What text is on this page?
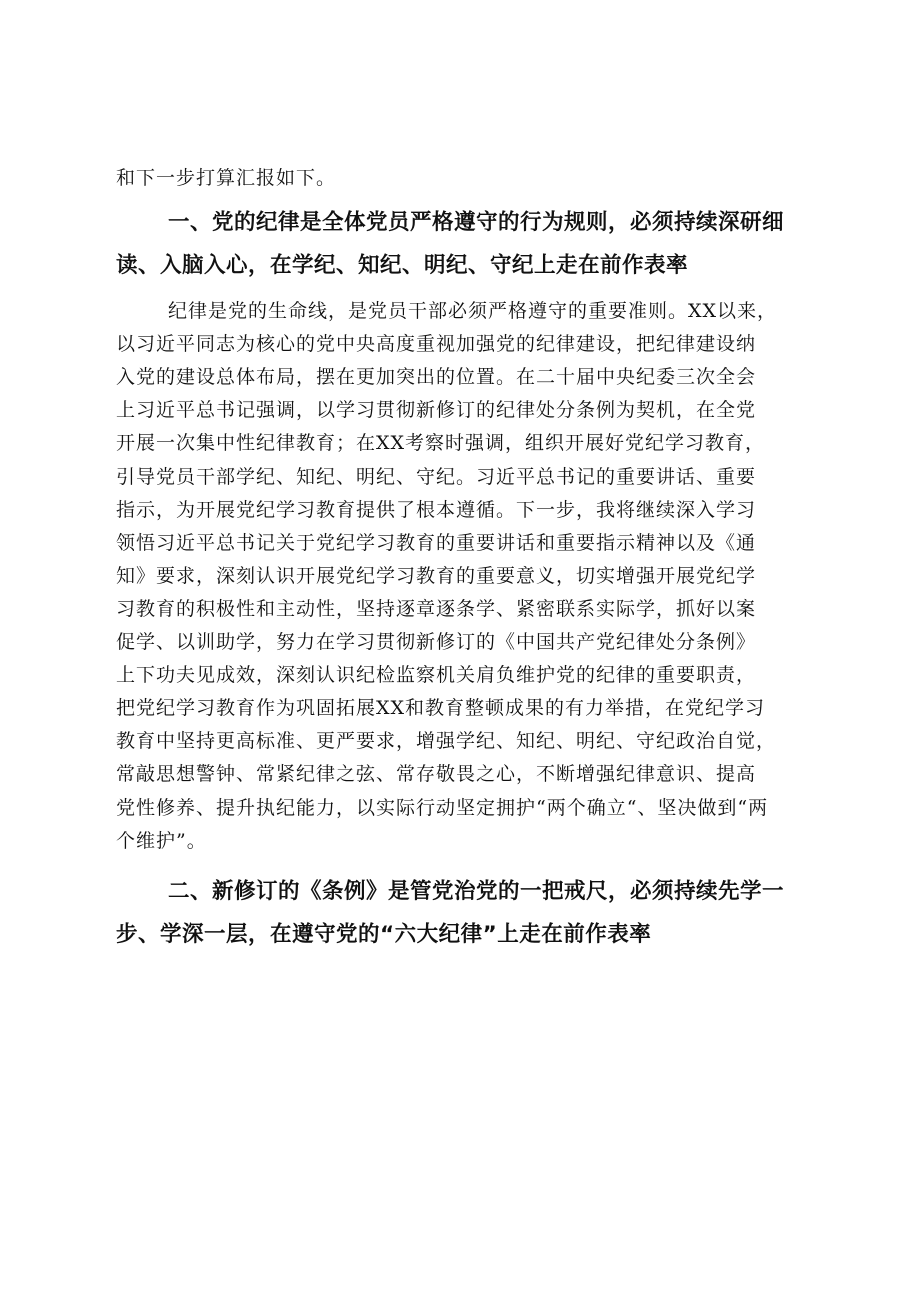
和下一步打算汇报如下。
一、党的纪律是全体党员严格遵守的行为规则，必须持续深研细
读、入脑入心，在学纪、知纪、明纪、守纪上走在前作表率
纪律是党的生命线，是党员干部必须严格遵守的重要准则。XX以来，
以习近平同志为核心的党中央高度重视加强党的纪律建设，把纪律建设纳
入党的建设总体布局，摆在更加突出的位置。在二十届中央纪委三次全会
上习近平总书记强调，以学习贯彻新修订的纪律处分条例为契机，在全党
开展一次集中性纪律教育；在XX考察时强调，组织开展好党纪学习教育，
引导党员干部学纪、知纪、明纪、守纪。习近平总书记的重要讲话、重要
指示，为开展党纪学习教育提供了根本遵循。下一步，我将继续深入学习
领悟习近平总书记关于党纪学习教育的重要讲话和重要指示精神以及《通
知》要求，深刻认识开展党纪学习教育的重要意义，切实增强开展党纪学
习教育的积极性和主动性，坚持逐章逐条学、紧密联系实际学，抓好以案
促学、以训助学，努力在学习贯彻新修订的《中国共产党纪律处分条例》
上下功夫见成效，深刻认识纪检监察机关肩负维护党的纪律的重要职责，
把党纪学习教育作为巩固拓展XX和教育整顿成果的有力举措，在党纪学习
教育中坚持更高标准、更严要求，增强学纪、知纪、明纪、守纪政治自觉，
常敲思想警钟、常紧纪律之弦、常存敬畏之心，不断增强纪律意识、提高
党性修养、提升执纪能力，以实际行动坚定拥护“两个确立“、坚决做到“两
个维护”。
二、新修订的《条例》是管党治党的一把戒尺，必须持续先学一
步、学深一层，在遵守党的“六大纪律”上走在前作表率
